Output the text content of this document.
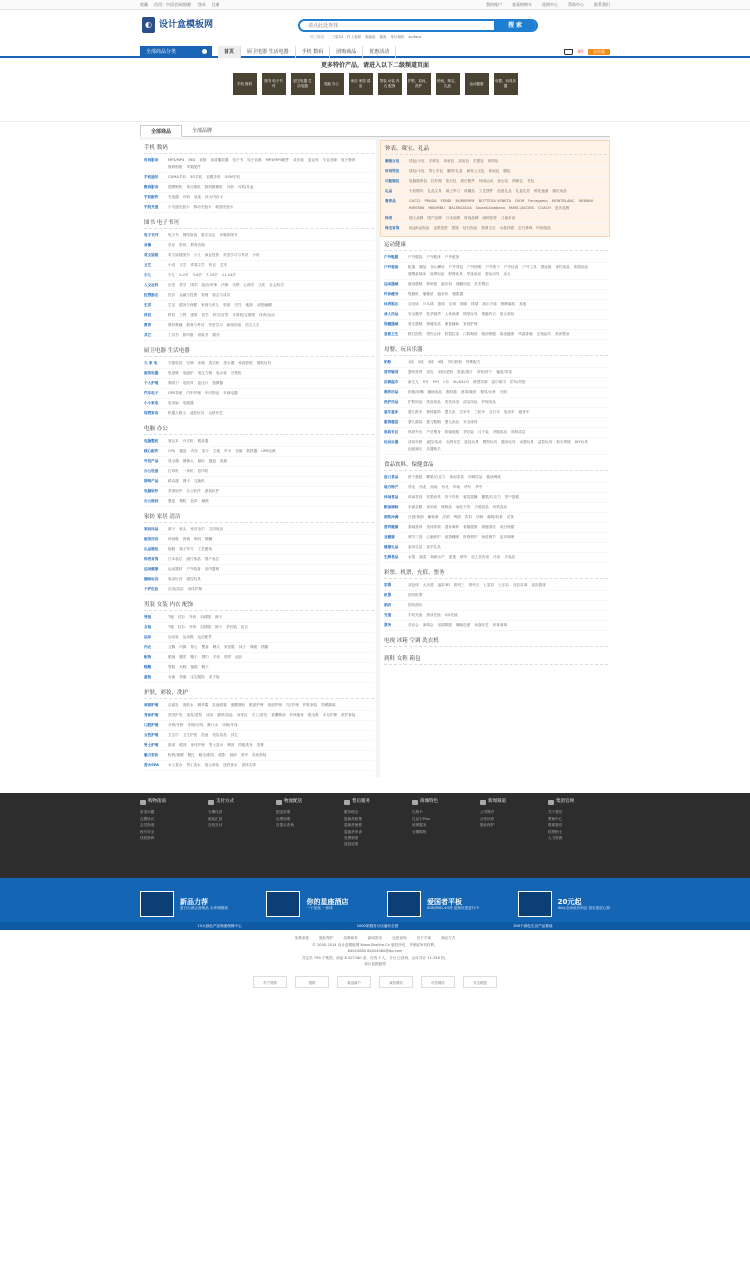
收藏 信用：中国官网商城! 登录 注册	我的账户	查看购物车	选购中心	帮助中心	联系我们
◐ 设计盒模板网
请点此处查找	搜 索
热门搜索： 三星S4 村上春树 电脑桌 插座 单反相机 surface
全部商品分类	首页	厨卫电器 生活电器	手机 数码	团购商品	优惠活动	0件	去结算
更多特价产品，请进入以下二级频道页面
手机 数码
图书 电子书刊
厨卫电器 生活电器
电脑 办公
家纺 家居 清洁
男装 女装 内衣 配饰
护肤，彩妆，洗护
钟表，珠宝，礼品
运动健康
母婴，玩具乐器
全部商品	全部品牌
手机 数码
时尚影音	MP3/MP4 MID 音箱 高清播放器 电子书 电子词典 MP3/MP4配件 录音笔 麦克风 专业音频 电子教育数码相框 苹果配件
手机通讯	CDMA手机 3G手机 双模手机 GSM手机
数码影音	便携相机 单反相机 数码摄像机 耳机 耳机/耳麦
手机配件	充电器 耳机 电池 读卡内存卡
手机充值	小灵通充值卡 移动充值卡 联通充值卡
图书 电子书刊
电子书刊	电子书 网络原创 数字杂志 多媒体图书
音像	音乐 影视 教育音像
英文原版	英文原版图书 少儿 商业投资 英语学习与考试 小说
文艺	小说 文学 青春文学 传记 艺术
少儿	少儿 0-2岁 3-6岁 7-10岁 11-14岁
人文社科	历史 哲学 国学 政治/军事 法律 宗教 心理学 文化 社会科学
经管励志	经济 金融与投资 管理 励志与成功
生活	生活 健身与保健 家庭与育儿 旅游 烹饪 地图 动漫/幽默
科技	科技 工程 建筑 医学 科学/自然 计算机/互联网 体育/运动
教育	教材教辅 教育与考试 外语学习 新闻出版 语言文字
其它	工具书 影印版 套装书 期刊
厨卫电器 生活电器
大 家 电	平板电视 空调 冰箱 洗衣机 热水器 家庭影院 烟机灶具
厨房电器	电饭煲 电磁炉 电压力锅 电水壶 豆浆机
个人护理	剃须刀 电吹风 血压计 按摩器
汽车电子	GPS导航 汽车护理 车内饰品 车载电器
小小家电	电风扇 电暖器
保管家电	机器人吸尘 遥控玩具 毛绒布艺
电脑 办公
电脑整机	笔记本 台式机 服务器
核心配件	CPU 键盘 内存 显卡 主板 声卡 光驱 散热器 UPS电源
外设产品	显示器 摄像头 鼠标 键盘 电源
办公设备	打印机 一体机 复印机
网络产品	路由器 网卡 交换机
电脑软件	杀毒软件 办公软件 游戏软件
办公耗材	墨盒 墨粉 色带 硒鼓
家纺 家居 清洁
家纺床品	被子 枕头 家纺毛巾 卫浴用品
厨房用具	休闲鞋 套锅 锅具 糖罐
礼品箱包	拖鞋 瑞士军刀 工艺蜡烛
钟表首饰	日本表芯 流行饰品 国产表芯
运动健康	运动器材 户外装备 室内器械
趣味玩具	电动玩具 遥控玩具
个护化妆	沉浴/清洁 身体护理
男装 女装 内衣 配饰
男装	T恤 衬衫 外套 羽绒服 裤子
女装	T恤 衬衫 外套 羽绒服 裤子 孕妇装 皮衣
运动	运动装 运动鞋 运动配件
内衣	文胸 内裤 背心 塑身 睡衣 家居服 袜子 保暖 情趣
配饰	眼镜 腰带 帽子 围巾 手套 领带 袖扣
鞋靴	男鞋 女鞋 拖鞋 靴子
童装	女童 男童 宝宝服饰 亲子装
护肤，彩妆，洗护
面部护理	洁面乳 爽肤水 精华露 乳液面霜 面膜面贴 眼部护理 颈部护理 T区护理 护肤套装 防晒隔离
身体护理	洗发护发 染发/造型 沐浴 磨砂/浴盐 身体乳 手工/香皂 香薰精油 纤体瘦身 脱毛膏 手足护理 洗护套装
口腔护理	牙膏/牙粉 牙刷/牙线 漱口水 牙刷/牙线
女性护理	卫生巾 卫生护垫 洗液 美容食品 其它
男士护理	脸部 眼部 身体护理 男士香水 剃须 防脱洗发 香膏
魅力彩妆	粉底/遮瑕 腮红 睫毛/眼线 眼影 唇部 美甲 彩妆套装
香水SPA	女士香水 男士香水 组合套装 迷你香水 香体走珠
钟表、珠宝、礼品
潮流女包	钱包/卡包 手拿包 单肩包 双肩包 手提包 斜挎包
时尚男包	钱包/卡包 男士手包 腰带/礼盒 商务公文包 休闲包 腰包
功能箱包	电脑数码包 拉杆箱 旅行包 旅行配件 休闲运动 登山包 妈咪包 书包
礼品	火机烟具 礼品文具 瑞士军刀 收藏品 工艺摆件 创意礼品 礼盒礼券 鲜花速递 婚庆用品
奢侈品	GUCCI PRADA FENDI BURBERRY BOTTEGA VENETA DIOR Ferragamo MONTBLANC ARMANIRIMOWA MBUMBU BALENCIAGA Dolce&Gabbana MARC JACOBS COACH 更多品牌
钟表	瑞士品牌 国产品牌 日本品牌 时尚品牌 闹钟挂钟 儿童手表
珠宝首饰	纯金K金饰品 金银投资 银饰 钻石饰品 翡翠玉石 水晶玛瑙 宝石珍珠 时尚饰品
运动健康
户外鞋服	户外服装 户外鞋袜 户外配饰
户外装备	帐篷 睡袋 登山攀岩 户外背包 户外照明 户外垫子 户外仪表 户外工具 望远镜 垂钓用品 旅游用品便携桌椅床 烧烤用品 野餐炊具 军迷用品 游泳用具 泳衣
运动器械	健身器械 仰卧板 跑步机 瑜伽用品 武术搏击
纤体瘦身	甩脂机 瑜伽垫 踏步机 腹肌器
体育娱乐	羽毛球 乒乓球 篮球 足球 网球 排球 高尔夫球 棋牌麻将 其他
成人用品	安全避孕 验孕测孕 人体润滑 情爱玩具 情趣内衣 组合套装
保健器械	养生器械 保健用品 康复辅助 家庭护理
急救卫生	跌打损伤 烫伤止痒 防裂抗冻 口腔咽部 眼部保健 鼻炎健康 风湿骨痛 生殖泌尿 美体塑身
母婴、玩具乐器
奶粉	1段 2段 3段 4段 孕妇奶粉 特殊配方
营养辅食	婴幼营养 初乳 米粉/菜粉 果泥/果汁 肉松/饼干 辅食/零食
尿裤湿巾	新生儿 S号 M号 L号 XL/XXL号 裤型尿裤 湿巾纸巾 尿布/尿垫
喂养用品	奶瓶/奶嘴 辅助用品 吸奶器 消毒/暖奶 餐具/水杯 牙胶
洗护用品	护肤用品 洗浴用品 洗发沐浴 清洁用品 护理用品
童车童床	婴儿推车 餐椅摇椅 婴儿床 学步车 三轮车 自行车 电动车 健身车
服饰寝居	婴儿服装 婴儿鞋帽 婴儿床品 安全座椅
妈妈专区	妈妈外出 产后塑身 防辐射服 孕妇装 月子装 孕期用品 妈妈清洁
玩具乐器	适用年龄 遥控/电动 毛绒布艺 娃娃玩具 模型玩具 健身玩具 动漫玩具 益智玩具 积木拼插 DIY玩具创意减压 乐器相关
食品饮料、保健食品
进口食品	饼干蛋糕 糖果/巧克力 休闲零食 冲调饮品 粮油调味
地方特产	华北 西北 西南 东北 华南 华东 华中
休闲食品	休闲零食 坚果炒货 肉干肉松 蜜饯果脯 糖果/巧克力 饼干蛋糕
粮油调味	米面杂粮 食用油 调味品 南北干货 方便食品 有机食品
酒饮冲调	白酒/黄酒 葡萄酒 洋酒 啤酒 饮料 冲调 咖啡/奶茶 茗茶
营养健康	基础营养 美体养颜 滋补调养 骨骼健康 保健茶饮 成分保健
亚健康	调节三高 心脑养护 改善睡眠 肝肾养护 免疫调节 更多调理
健康礼品	参茸礼品 更多礼品
生鲜食品	水果 蔬菜 海鲜水产 禽蛋 鲜肉 加工类肉食 冷冻 半成品
彩票、机票、充值、票务
彩票	双色球 大乐透 福彩3D 排列三 排列五 七星彩 七乐彩 竞彩足球 竞彩篮球
机票	国内机票
酒店	国内酒店
充值	手机充值 游戏充值 QQ充值
票务	音乐会 演唱会 话剧歌剧 舞蹈芭蕾 戏曲综艺 体育赛事
电视 冰箱 空调 洗衣机
到鞋 女鞋 箱包
购物指南
常见问题
注册协议
会员指南
账号安全
找回密码
支付方式
分期付款
邮局汇款
在线支付
物流配送
配送说明
运费说明
自提点查询
售后服务
服务理念
退换货政策
退换货流程
退换货申请
发票制度
退款说明
商城特色
礼物卡
礼品卡Plus
延保服务
分期购物
新闻频道
公司简介
合作伙伴
隐私保护
集团官网
关于我们
帮助中心
联系我们
招贤纳士
人力资源
新品力荐
夏日出游必备精品 全库满额减
你的星座酒店
一个星座 一座城
爱国者平板
8GB/MID-4G特 抢购优惠进行中
20元起
iDay全场低价商品 超实惠放心购
10大绿色产品物流保障中心	1000家服务分店遍布全国	300个绿色生活产品基地
免费条款	隐私保护	品牌商务	新闻资讯	运营查询	官方方案	商品方式
© 2005-2014 设计盒模板网 Www.Shejiha.Cn 版权所有，并保留所有权利。
84024080 84024080@qq.com
共会员 799 个集团，商品 8.327180 条，在线 2 人，今日 已获到，点评共计 11.256 档。
设计盒模板网
苏宁易购	银联	新浪商户	诚信网站	可信网站	安全联盟
